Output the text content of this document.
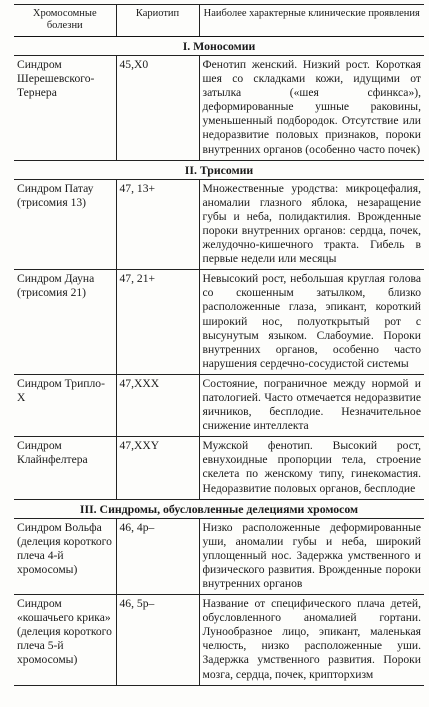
Хромосомные болезни	Кариотип	Наиболее характерные клинические проявления
I. Моносомии		
Синдром Шерешевского-Тернера	45,Х0	Фенотип женский. Низкий рост. Короткая шея со складками кожи, идущими от затылка («шея сфинкса»), деформированные ушные раковины, уменьшенный подбородок. Отсутствие или недоразвитие половых признаков, пороки внутренних органов (особенно часто почек)
II. Трисомии		
Синдром Патау (трисомия 13)	47, 13+	Множественные уродства: микроцефалия, аномалии глазного яблока, незаращение губы и неба, полидактилия. Врожденные пороки внутренних органов: сердца, почек, желудочно-кишечного тракта. Гибель в первые недели или месяцы
Синдром Дауна (трисомия 21)	47, 21+	Невысокий рост, небольшая круглая голова со скошенным затылком, близко расположенные глаза, эпикант, короткий широкий нос, полуоткрытый рот с высунутым языком. Слабоумие. Пороки внутренних органов, особенно часто нарушения сердечно-сосудистой системы
Синдром Трипло-Х	47,ХХХ	Состояние, пограничное между нормой и патологией. Часто отмечается недоразвитие яичников, бесплодие. Незначительное снижение интеллекта
Синдром Клайнфелтера	47,ХХY	Мужской фенотип. Высокий рост, евнухоидные пропорции тела, строение скелета по женскому типу, гинекомастия. Недоразвитие половых органов, бесплодие
III. Синдромы, обусловленные делециями хромосом		
Синдром Вольфа (делеция короткого плеча 4-й хромосомы)	46, 4р–	Низко расположенные деформированные уши, аномалии губы и неба, широкий уплощенный нос. Задержка умственного и физического развития. Врожденные пороки внутренних органов
Синдром «кошачьего крика» (делеция короткого плеча 5-й хромосомы)	46, 5р–	Название от специфического плача детей, обусловленного аномалией гортани. Лунообразное лицо, эпикант, маленькая челюсть, низко расположенные уши. Задержка умственного развития. Пороки мозга, сердца, почек, крипторхизм
